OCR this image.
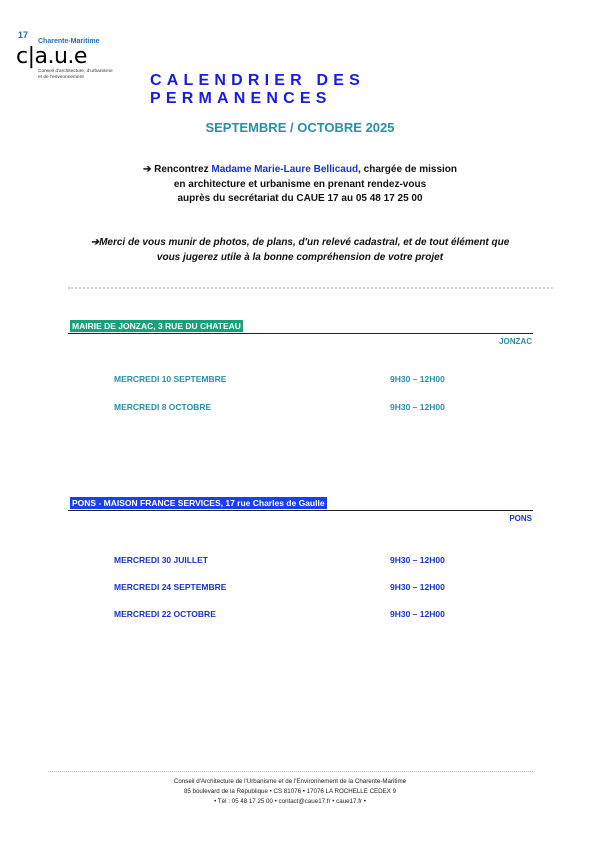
17
Charente-Maritime
c|a.u.e
Conseil d'architecture, d'urbanisme
et de l'environnement	CALENDRIER DES PERMANENCES
SEPTEMBRE / OCTOBRE 2025
➔ Rencontrez Madame Marie-Laure Bellicaud, chargée de mission
en architecture et urbanisme en prenant rendez-vous
auprès du secrétariat du CAUE 17 au 05 48 17 25 00
➔Merci de vous munir de photos, de plans, d'un relevé cadastral, et de tout élément que
vous jugerez utile à la bonne compréhension de votre projet
MAIRIE DE JONZAC, 3 RUE DU CHATEAU
JONZAC
MERCREDI 10 SEPTEMBRE	9H30 – 12H00
MERCREDI 8 OCTOBRE	9H30 – 12H00
PONS - MAISON FRANCE SERVICES, 17 rue Charles de Gaulle
PONS
MERCREDI 30 JUILLET	9H30 – 12H00
MERCREDI 24 SEPTEMBRE	9H30 – 12H00
MERCREDI 22 OCTOBRE	9H30 – 12H00
Conseil d'Architecture de l'Urbanisme et de l'Environnement de la Charente-Maritime
85 boulevard de la République • CS 81076 • 17076 LA ROCHELLE CEDEX 9
• Tél : 05 48 17 25 00 • contact@caue17.fr • caue17.fr •
